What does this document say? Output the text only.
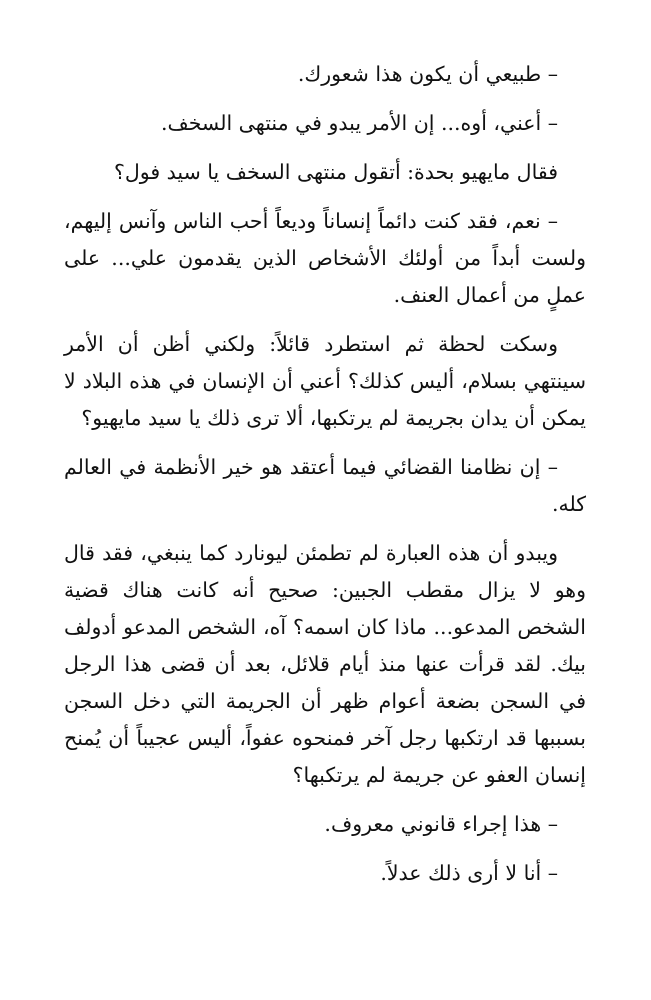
– طبيعي أن يكون هذا شعورك.

– أعني، أوه... إن الأمر يبدو في منتهى السخف.

فقال مايهيو بحدة: أتقول منتهى السخف يا سيد فول؟

– نعم، فقد كنت دائماً إنساناً وديعاً أحب الناس وآنس إليهم، ولست أبداً من أولئك الأشخاص الذين يقدمون علي... على عملٍ من أعمال العنف.

وسكت لحظة ثم استطرد قائلاً: ولكني أظن أن الأمر سينتهي بسلام، أليس كذلك؟ أعني أن الإنسان في هذه البلاد لا يمكن أن يدان بجريمة لم يرتكبها، ألا ترى ذلك يا سيد مايهيو؟

– إن نظامنا القضائي فيما أعتقد هو خير الأنظمة في العالم كله.

ويبدو أن هذه العبارة لم تطمئن ليونارد كما ينبغي، فقد قال وهو لا يزال مقطب الجبين: صحيح أنه كانت هناك قضية الشخص المدعو... ماذا كان اسمه؟ آه، الشخص المدعو أدولف بيك. لقد قرأت عنها منذ أيام قلائل، بعد أن قضى هذا الرجل في السجن بضعة أعوام ظهر أن الجريمة التي دخل السجن بسببها قد ارتكبها رجل آخر فمنحوه عفواً، أليس عجيباً أن يُمنح إنسان العفو عن جريمة لم يرتكبها؟

– هذا إجراء قانوني معروف.

– أنا لا أرى ذلك عدلاً.
